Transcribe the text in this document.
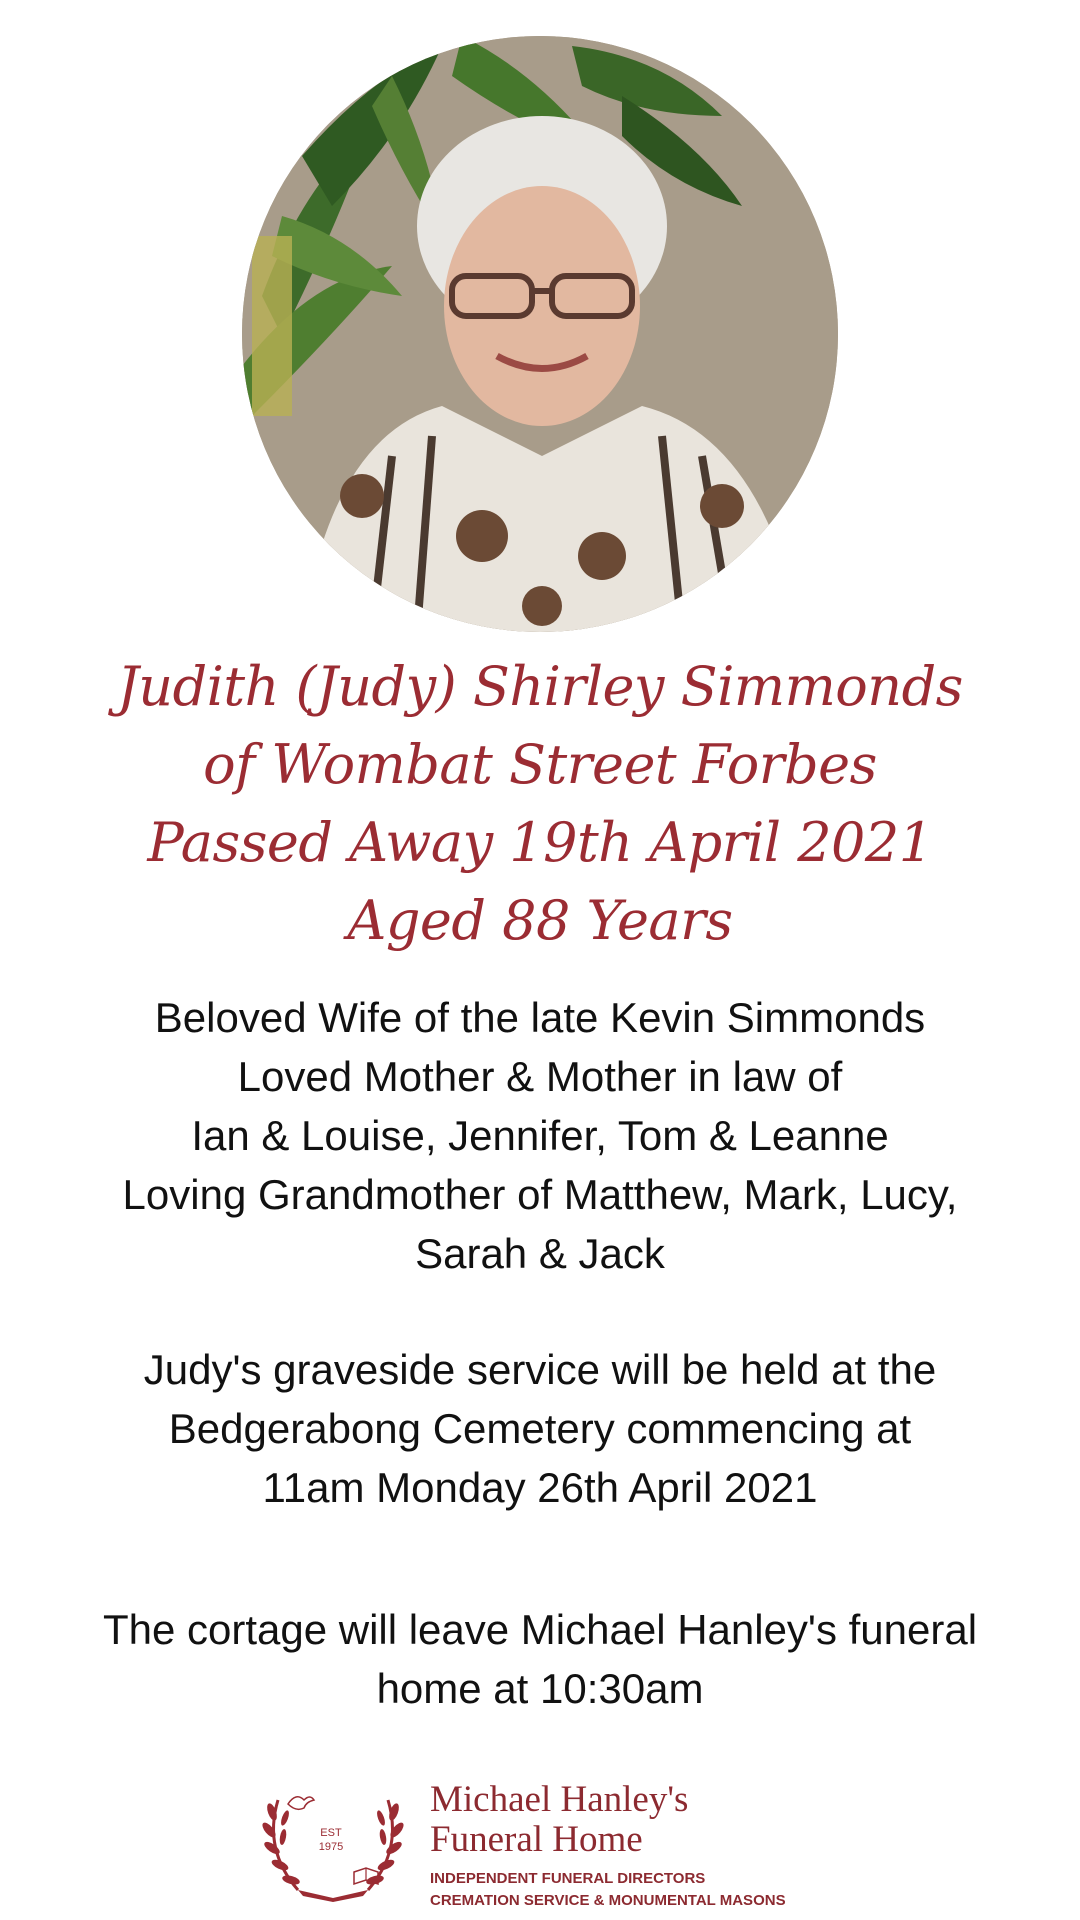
Judith (Judy) Shirley Simmonds
of Wombat Street Forbes
Passed Away 19th April 2021
Aged 88 Years
Beloved Wife of the late Kevin Simmonds
Loved Mother & Mother in law of
Ian & Louise, Jennifer, Tom & Leanne
Loving Grandmother of Matthew, Mark, Lucy,
Sarah & Jack
Judy's graveside service will be held at the
Bedgerabong Cemetery commencing at
11am Monday 26th April 2021
The cortage will leave Michael Hanley's funeral
home at 10:30am
EST
1975
Michael Hanley's
Funeral Home
INDEPENDENT FUNERAL DIRECTORS
CREMATION SERVICE & MONUMENTAL MASONS
